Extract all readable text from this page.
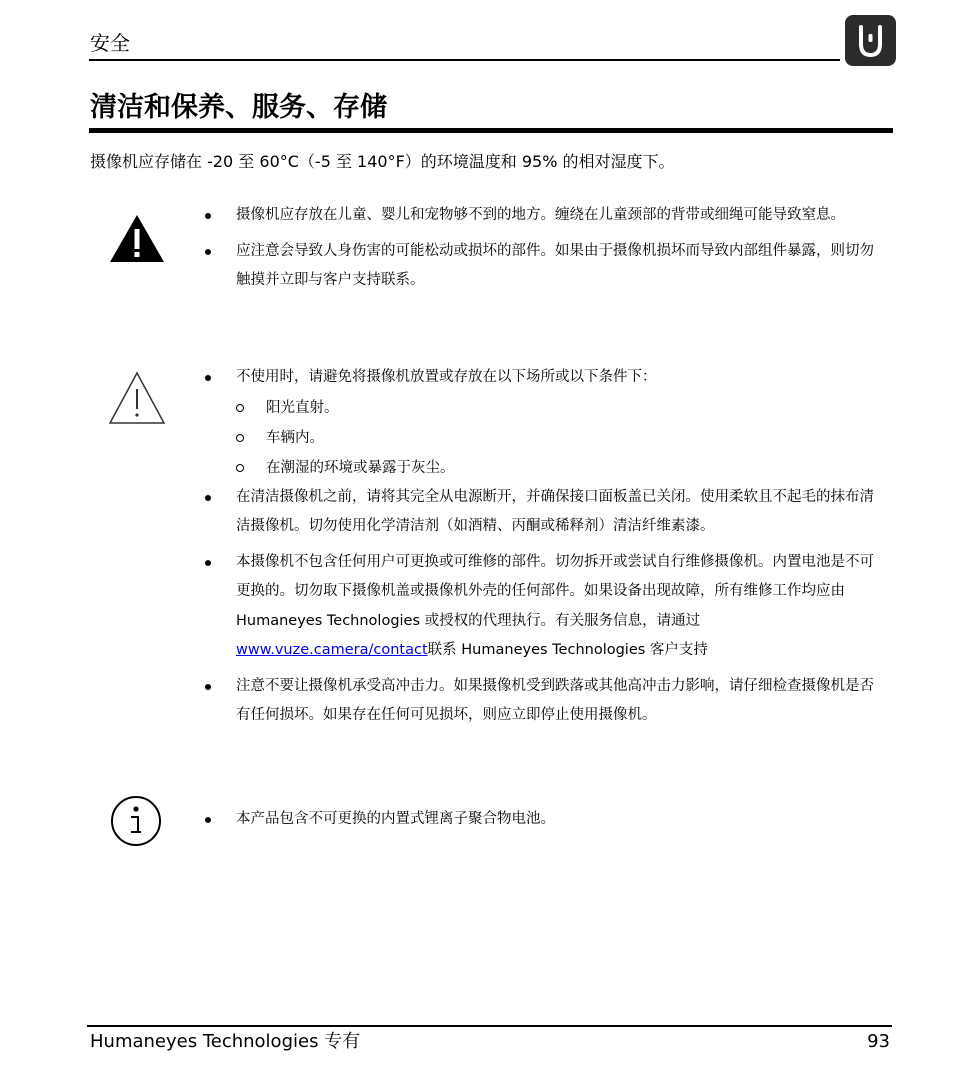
安全
清洁和保养、服务、存储
摄像机应存储在 -20 至 60°C（-5 至 140°F）的环境温度和 95% 的相对湿度下。
摄像机应存放在儿童、婴儿和宠物够不到的地方。缠绕在儿童颈部的背带或细绳可能导致窒息。
应注意会导致人身伤害的可能松动或损坏的部件。如果由于摄像机损坏而导致内部组件暴露，则切勿触摸并立即与客户支持联系。
不使用时，请避免将摄像机放置或存放在以下场所或以下条件下：
阳光直射。
车辆内。
在潮湿的环境或暴露于灰尘。
在清洁摄像机之前，请将其完全从电源断开，并确保接口面板盖已关闭。使用柔软且不起毛的抹布清洁摄像机。切勿使用化学清洁剂（如酒精、丙酮或稀释剂）清洁纤维素漆。
本摄像机不包含任何用户可更换或可维修的部件。切勿拆开或尝试自行维修摄像机。内置电池是不可更换的。切勿取下摄像机盖或摄像机外壳的任何部件。如果设备出现故障，所有维修工作均应由 Humaneyes Technologies 或授权的代理执行。有关服务信息，请通过www.vuze.camera/contact联系 Humaneyes Technologies 客户支持
注意不要让摄像机承受高冲击力。如果摄像机受到跌落或其他高冲击力影响，请仔细检查摄像机是否有任何损坏。如果存在任何可见损坏，则应立即停止使用摄像机。
本产品包含不可更换的内置式锂离子聚合物电池。
Humaneyes Technologies 专有	93
